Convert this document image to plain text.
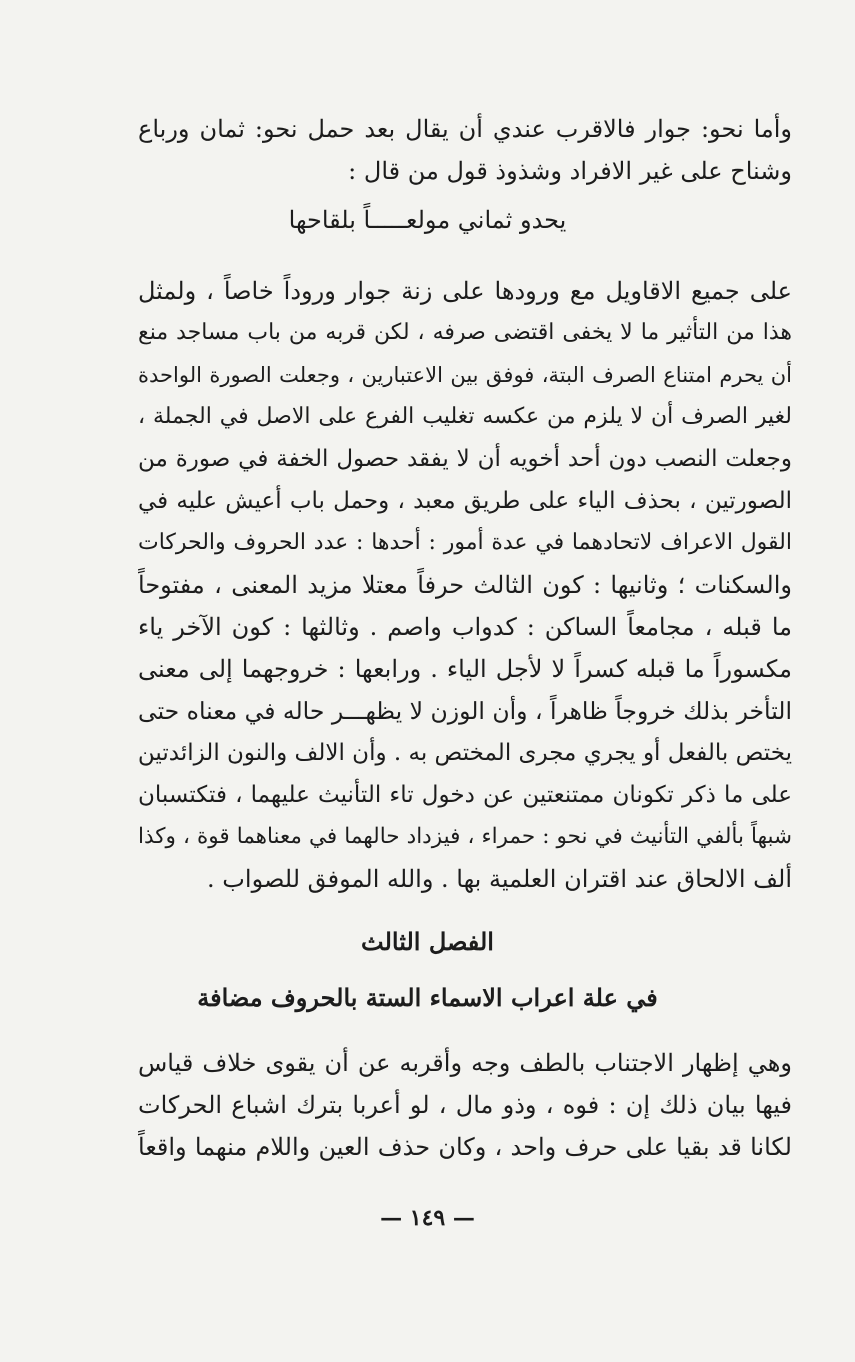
وأما نحو: جوار فالاقرب عندي أن يقال بعد حمل نحو: ثمان ورباع
وشناح على غير الافراد وشذوذ قول من قال :
يحدو ثماني مولعـــــاً بلقاحها
على جميع الاقاويل مع ورودها على زنة جوار وروداً خاصاً ، ولمثل
هذا من التأثير ما لا يخفى اقتضى صرفه ، لكن قربه من باب مساجد منع
أن يحرم امتناع الصرف البتة، فوفق بين الاعتبارين ، وجعلت الصورة الواحدة
لغير الصرف أن لا يلزم من عكسه تغليب الفرع على الاصل في الجملة ،
وجعلت النصب دون أحد أخويه أن لا يفقد حصول الخفة في صورة من
الصورتين ، بحذف الياء على طريق معبد ، وحمل باب أعيش عليه في
القول الاعراف لاتحادهما في عدة أمور : أحدها : عدد الحروف والحركات
والسكنات ؛ وثانيها : كون الثالث حرفاً معتلا مزيد المعنى ، مفتوحاً
ما قبله ، مجامعاً الساكن : كدواب واصم . وثالثها : كون الآخر ياء
مكسوراً ما قبله كسراً لا لأجل الياء . ورابعها : خروجهما إلى معنى
التأخر بذلك خروجاً ظاهراً ، وأن الوزن لا يظهـــر حاله في معناه حتى
يختص بالفعل أو يجري مجرى المختص به . وأن الالف والنون الزائدتين
على ما ذكر تكونان ممتنعتين عن دخول تاء التأنيث عليهما ، فتكتسبان
شبهاً بألفي التأنيث في نحو : حمراء ، فيزداد حالهما في معناهما قوة ، وكذا
ألف الالحاق عند اقتران العلمية بها . والله الموفق للصواب .
الفصل الثالث
في علة اعراب الاسماء الستة بالحروف مضافة
وهي إظهار الاجتناب بالطف وجه وأقربه عن أن يقوى خلاف قياس
فيها بيان ذلك إن : فوه ، وذو مال ، لو أعربا بترك اشباع الحركات
لكانا قد بقيا على حرف واحد ، وكان حذف العين واللام منهما واقعاً
— ١٤٩ —
